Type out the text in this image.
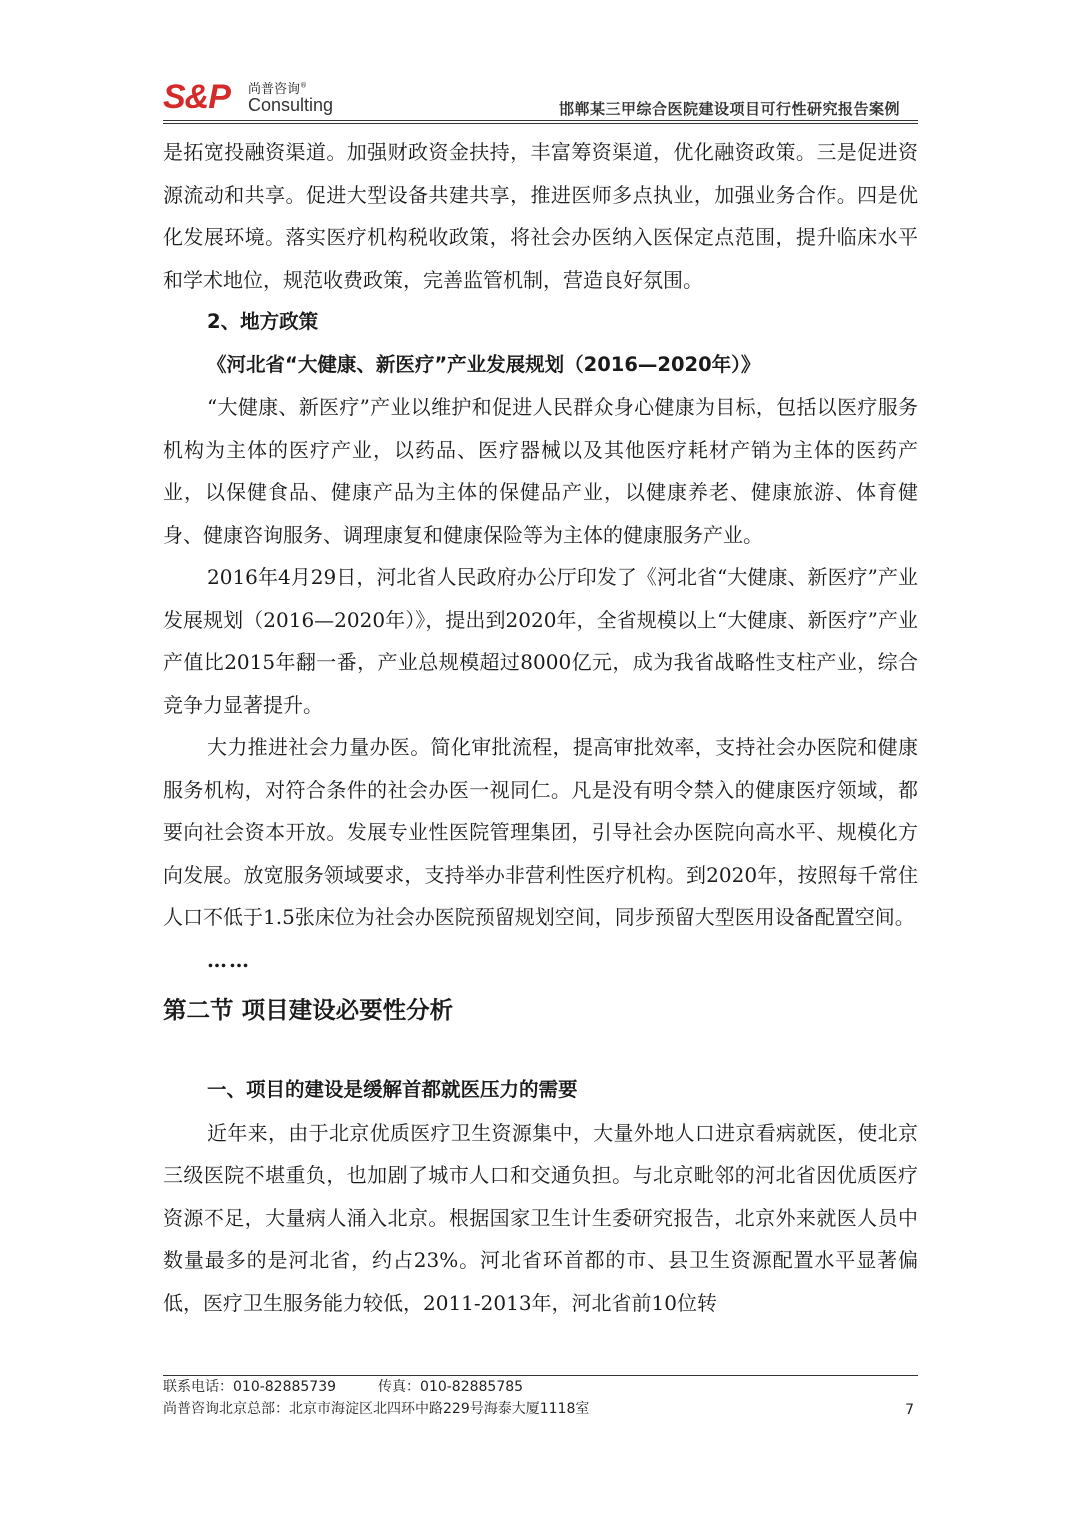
S&P 尚普咨询®
Consulting	邯郸某三甲综合医院建设项目可行性研究报告案例

是拓宽投融资渠道。加强财政资金扶持，丰富筹资渠道，优化融资政策。三是促进资源流动和共享。促进大型设备共建共享，推进医师多点执业，加强业务合作。四是优化发展环境。落实医疗机构税收政策，将社会办医纳入医保定点范围，提升临床水平和学术地位，规范收费政策，完善监管机制，营造良好氛围。

2、地方政策

《河北省“大健康、新医疗”产业发展规划（2016—2020年）》

“大健康、新医疗”产业以维护和促进人民群众身心健康为目标，包括以医疗服务机构为主体的医疗产业，以药品、医疗器械以及其他医疗耗材产销为主体的医药产业，以保健食品、健康产品为主体的保健品产业，以健康养老、健康旅游、体育健身、健康咨询服务、调理康复和健康保险等为主体的健康服务产业。

2016年4月29日，河北省人民政府办公厅印发了《河北省“大健康、新医疗”产业发展规划（2016—2020年）》，提出到2020年，全省规模以上“大健康、新医疗”产业产值比2015年翻一番，产业总规模超过8000亿元，成为我省战略性支柱产业，综合竞争力显著提升。

大力推进社会力量办医。简化审批流程，提高审批效率，支持社会办医院和健康服务机构，对符合条件的社会办医一视同仁。凡是没有明令禁入的健康医疗领域，都要向社会资本开放。发展专业性医院管理集团，引导社会办医院向高水平、规模化方向发展。放宽服务领域要求，支持举办非营利性医疗机构。到2020年，按照每千常住人口不低于1.5张床位为社会办医院预留规划空间，同步预留大型医用设备配置空间。

……

第二节 项目建设必要性分析

一、项目的建设是缓解首都就医压力的需要

近年来，由于北京优质医疗卫生资源集中，大量外地人口进京看病就医，使北京三级医院不堪重负，也加剧了城市人口和交通负担。与北京毗邻的河北省因优质医疗资源不足，大量病人涌入北京。根据国家卫生计生委研究报告，北京外来就医人员中数量最多的是河北省，约占23%。河北省环首都的市、县卫生资源配置水平显著偏低，医疗卫生服务能力较低，2011-2013年，河北省前10位转

联系电话：010-82885739	传真：010-82885785
尚普咨询北京总部：北京市海淀区北四环中路229号海泰大厦1118室	7
